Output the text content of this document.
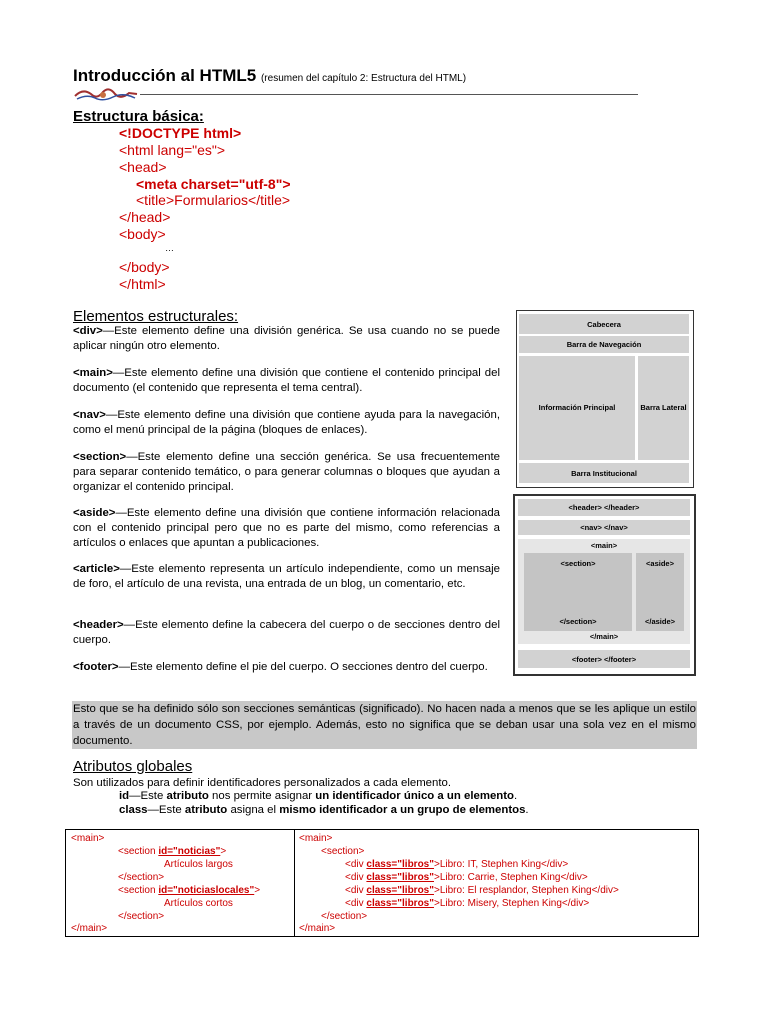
Introducción al HTML5 (resumen del capítulo 2: Estructura del HTML)
Estructura básica:
<!DOCTYPE html>
<html lang="es">
<head>
<meta charset="utf-8">
<title>Formularios</title>
</head>
<body>
…
</body>
</html>
Elementos estructurales:
<div>—Este elemento define una división genérica. Se usa cuando no se puede aplicar ningún otro elemento.
<main>—Este elemento define una división que contiene el contenido principal del documento (el contenido que representa el tema central).
<nav>—Este elemento define una división que contiene ayuda para la navegación, como el menú principal de la página (bloques de enlaces).
<section>—Este elemento define una sección genérica. Se usa frecuentemente para separar contenido temático, o para generar columnas o bloques que ayudan a organizar el contenido principal.
<aside>—Este elemento define una división que contiene información relacionada con el contenido principal pero que no es parte del mismo, como referencias a artículos o enlaces que apuntan a publicaciones.
<article>—Este elemento representa un artículo independiente, como un mensaje de foro, el artículo de una revista, una entrada de un blog, un comentario, etc.
<header>—Este elemento define la cabecera del cuerpo o de secciones dentro del cuerpo.
<footer>—Este elemento define el pie del cuerpo. O secciones dentro del cuerpo.
Cabecera
Barra de Navegación
Información Principal	Barra Lateral
Barra Institucional
<header> </header>
<nav> </nav>
<main>
<section>
</section>
<aside>
</aside>
</main>
<footer> </footer>
Esto que se ha definido sólo son secciones semánticas (significado). No hacen nada a menos que se les aplique un estilo a través de un documento CSS, por ejemplo. Además, esto no significa que se deban usar una sola vez en el mismo documento.
Atributos globales
Son utilizados para definir identificadores personalizados a cada elemento.
id—Este atributo nos permite asignar un identificador único a un elemento.
class—Este atributo asigna el mismo identificador a un grupo de elementos.
<main>
<section id="noticias">
Artículos largos
</section>
<section id="noticiaslocales">
Artículos cortos
</section>
</main>
<main>
<section>
<div class="libros">Libro: IT, Stephen King</div>
<div class="libros">Libro: Carrie, Stephen King</div>
<div class="libros">Libro: El resplandor, Stephen King</div>
<div class="libros">Libro: Misery, Stephen King</div>
</section>
</main>
